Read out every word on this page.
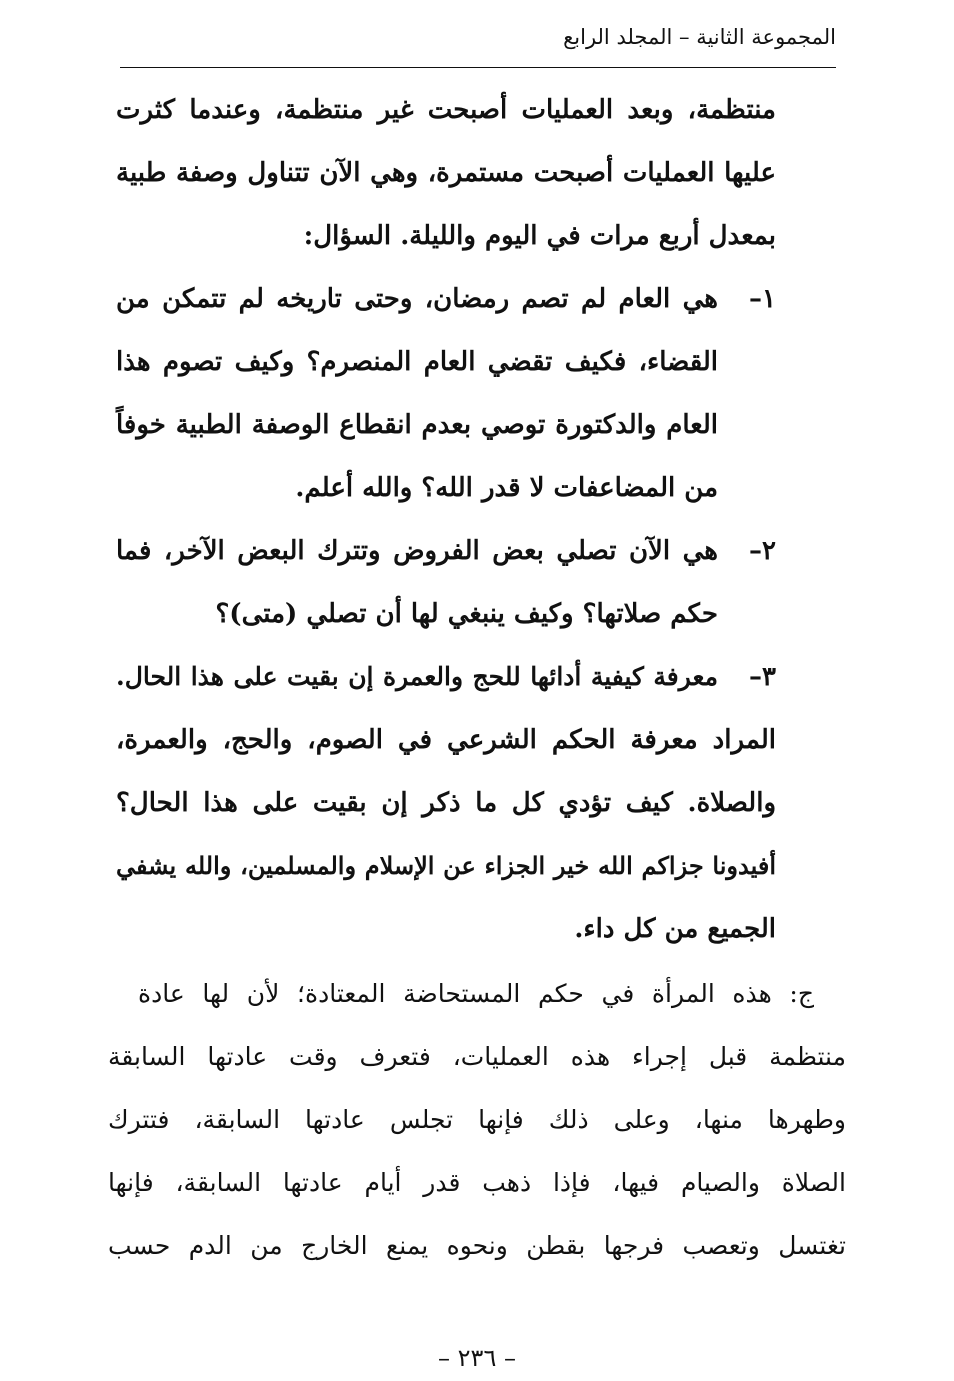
المجموعة الثانية – المجلد الرابع
منتظمة، وبعد العمليات أصبحت غير منتظمة، وعندما كثرت
عليها العمليات أصبحت مستمرة، وهي الآن تتناول وصفة طبية
بمعدل أربع مرات في اليوم والليلة. السؤال:
١–
هي العام لم تصم رمضان، وحتى تاريخه لم تتمكن من
القضاء، فكيف تقضي العام المنصرم؟ وكيف تصوم هذا
العام والدكتورة توصي بعدم انقطاع الوصفة الطبية خوفاً
من المضاعفات لا قدر الله؟ والله أعلم.
٢–
هي الآن تصلي بعض الفروض وتترك البعض الآخر، فما
حكم صلاتها؟ وكيف ينبغي لها أن تصلي (متى)؟
٣–
معرفة كيفية أدائها للحج والعمرة إن بقيت على هذا الحال.
المراد معرفة الحكم الشرعي في الصوم، والحج، والعمرة،
والصلاة. كيف تؤدي كل ما ذكر إن بقيت على هذا الحال؟
أفيدونا جزاكم الله خير الجزاء عن الإسلام والمسلمين، والله يشفي
الجميع من كل داء.
ج: هذه المرأة في حكم المستحاضة المعتادة؛ لأن لها عادة
منتظمة قبل إجراء هذه العمليات، فتعرف وقت عادتها السابقة
وطهرها منها، وعلى ذلك فإنها تجلس عادتها السابقة، فتترك
الصلاة والصيام فيها، فإذا ذهب قدر أيام عادتها السابقة، فإنها
تغتسل وتعصب فرجها بقطن ونحوه يمنع الخارج من الدم حسب
– ٢٣٦ –
